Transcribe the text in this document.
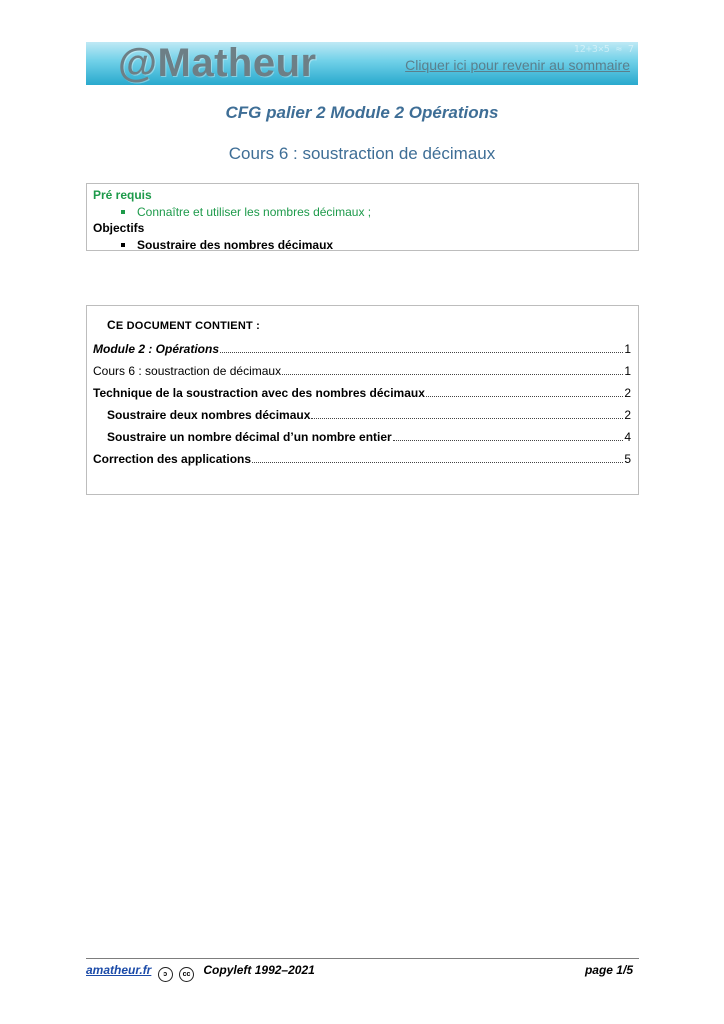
12+3×5 ≈ 7
@Matheur	Cliquer ici pour revenir au sommaire
CFG palier 2 Module 2 Opérations
Cours 6 : soustraction de décimaux
Pré requis
Connaître et utiliser les nombres décimaux ;
Objectifs
Soustraire des nombres décimaux
CE DOCUMENT CONTIENT :
Module 2 : Opérations	1
Cours 6 : soustraction de décimaux	1
Technique de la soustraction avec des nombres décimaux	2
Soustraire deux nombres décimaux	2
Soustraire un nombre décimal d’un nombre entier	4
Correction des applications	5
amatheur.fr ↄ cc Copyleft 1992–2021	page 1/5
